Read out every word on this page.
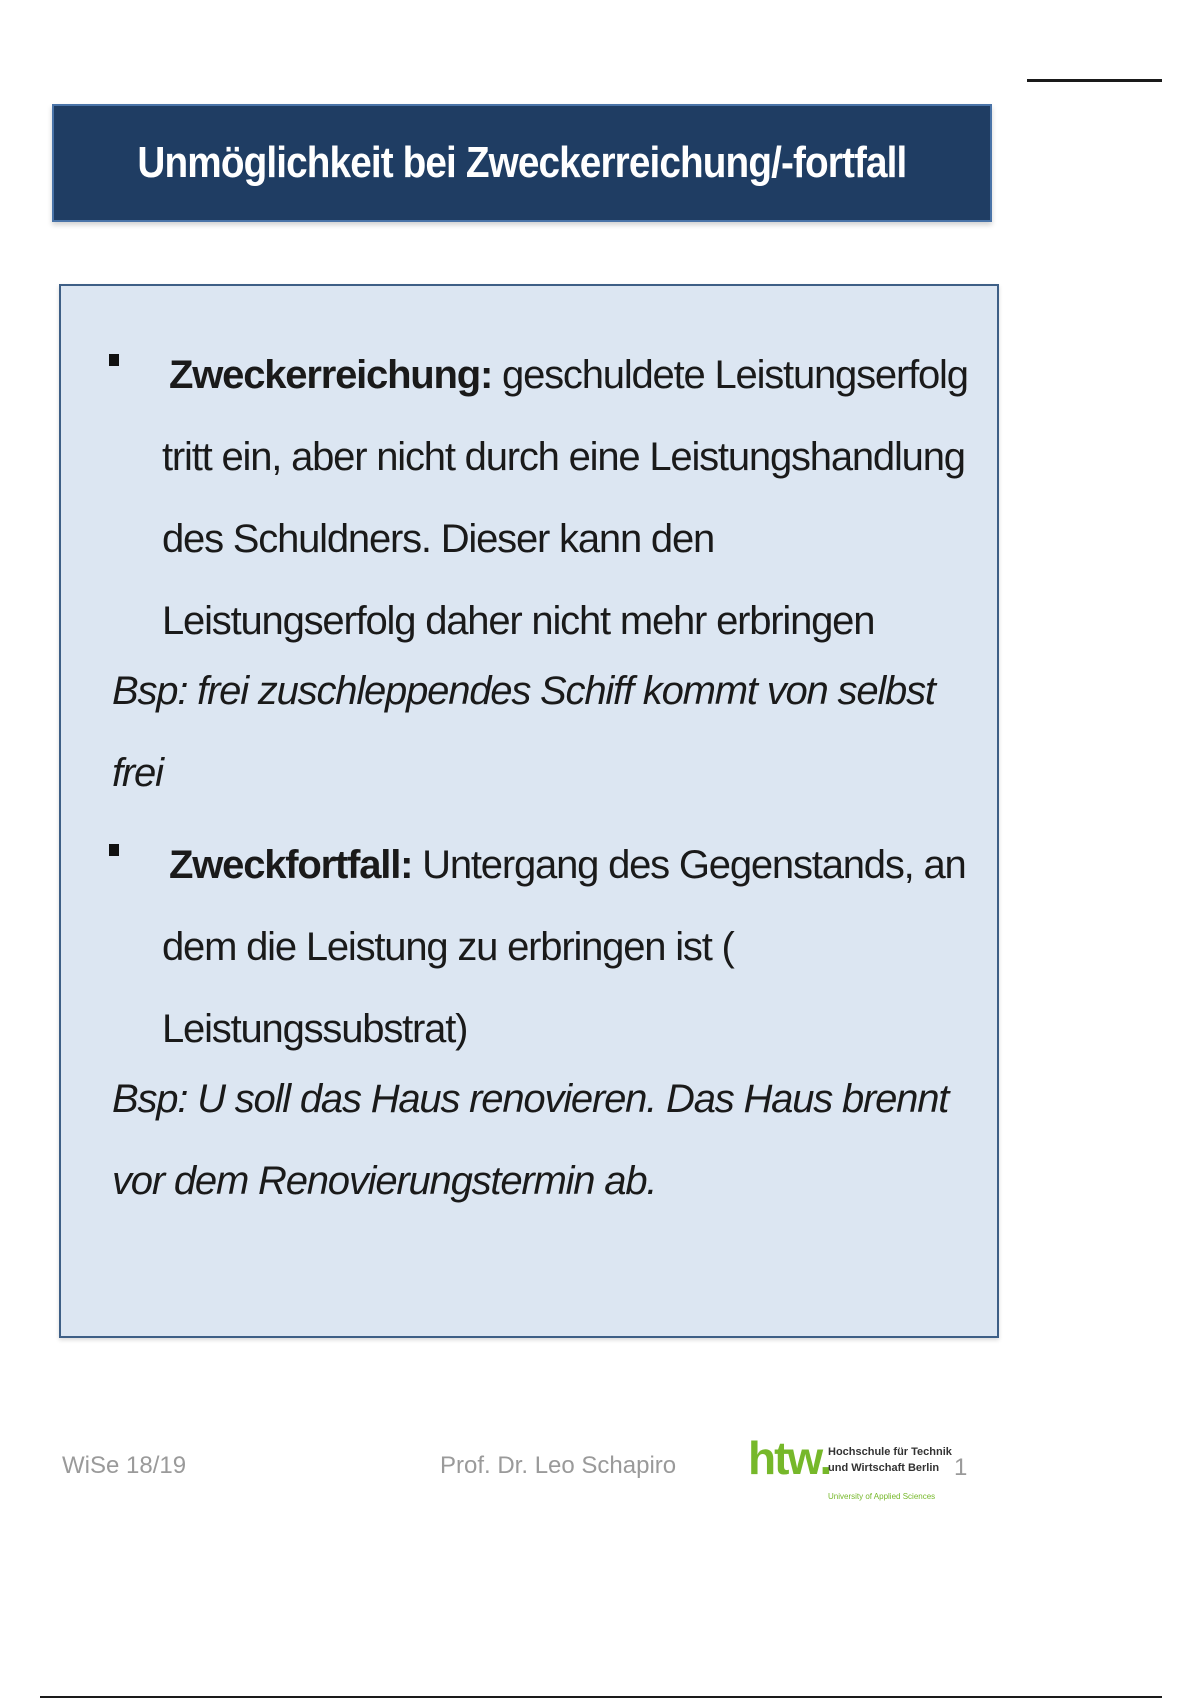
Unmöglichkeit bei Zweckerreichung/-fortfall
Zweckerreichung: geschuldete Leistungserfolg tritt ein, aber nicht durch eine Leistungshandlung des Schuldners. Dieser kann den Leistungserfolg daher nicht mehr erbringen
Bsp: frei zuschleppendes Schiff kommt von selbst frei
Zweckfortfall: Untergang des Gegenstands, an dem die Leistung zu erbringen ist ( Leistungssubstrat)
Bsp: U soll das Haus renovieren. Das Haus brennt vor dem Renovierungstermin ab.
WiSe 18/19	Prof. Dr. Leo Schapiro htw.
Hochschule für Technik
und Wirtschaft Berlin
University of Applied Sciences
1
